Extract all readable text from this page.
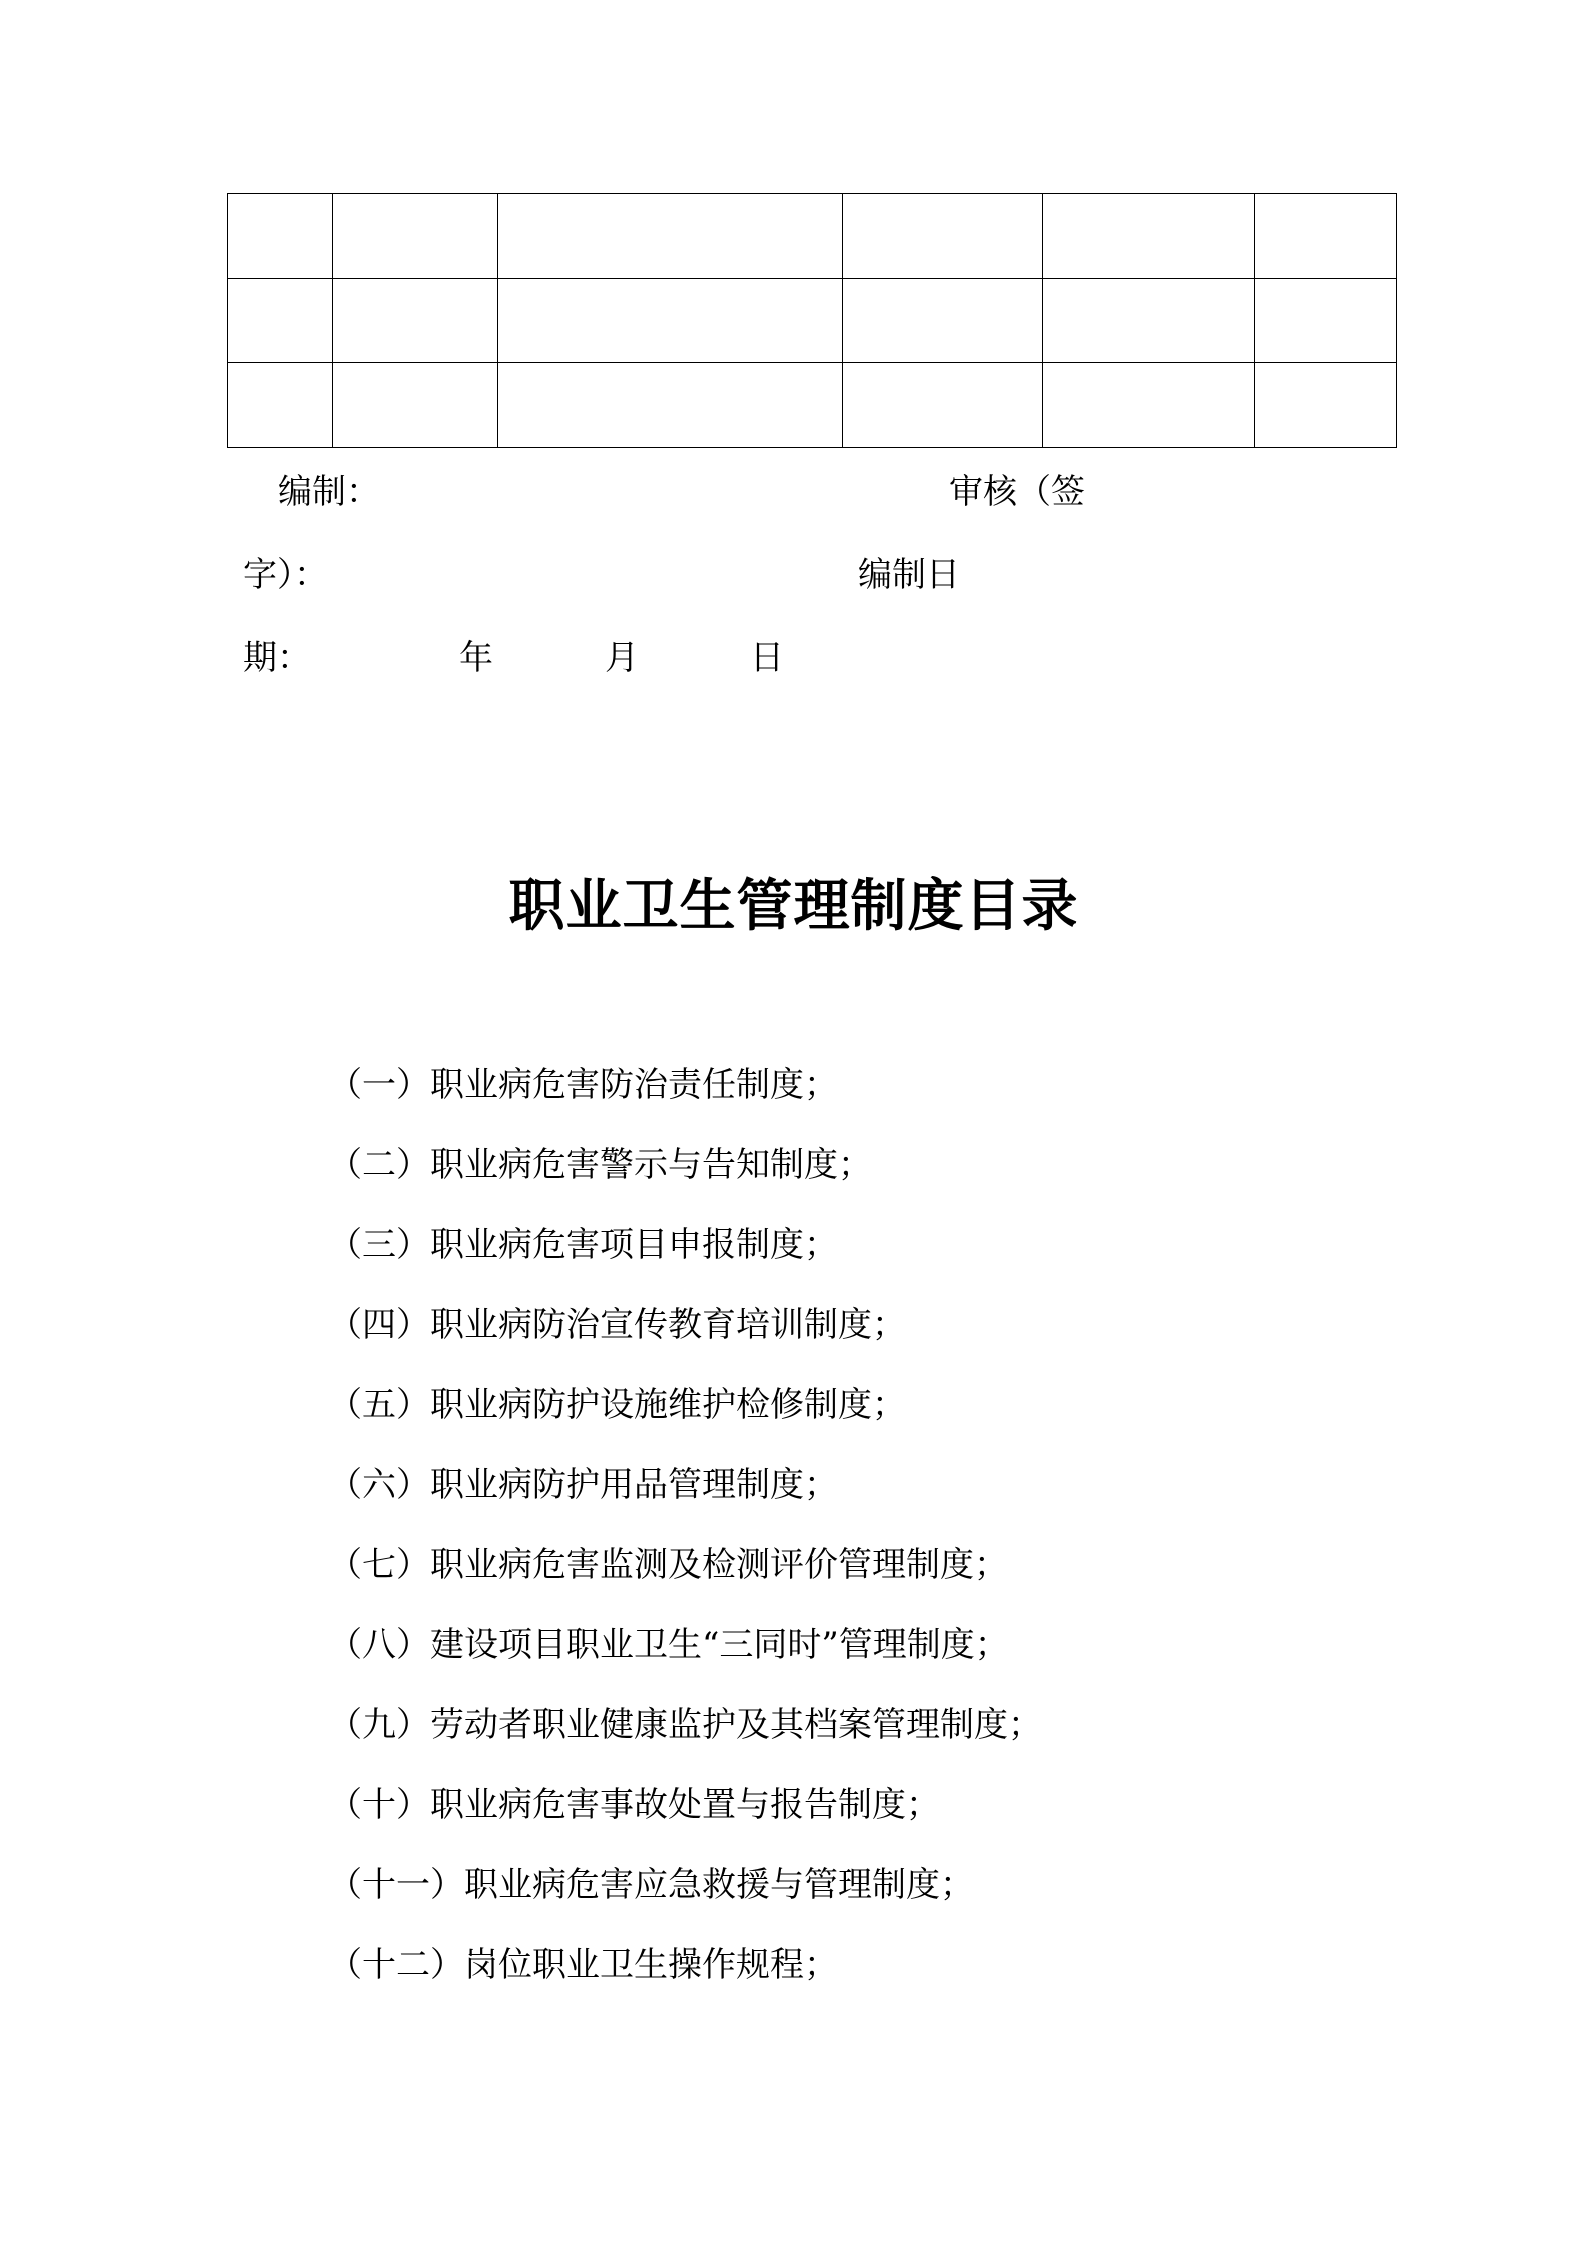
编制：	审核（签
字）：	编制日
期：	年	月	日
职业卫生管理制度目录
（一）职业病危害防治责任制度；
（二）职业病危害警示与告知制度；
（三）职业病危害项目申报制度；
（四）职业病防治宣传教育培训制度；
（五）职业病防护设施维护检修制度；
（六）职业病防护用品管理制度；
（七）职业病危害监测及检测评价管理制度；
（八）建设项目职业卫生“三同时”管理制度；
（九）劳动者职业健康监护及其档案管理制度；
（十）职业病危害事故处置与报告制度；
（十一）职业病危害应急救援与管理制度；
（十二）岗位职业卫生操作规程；
